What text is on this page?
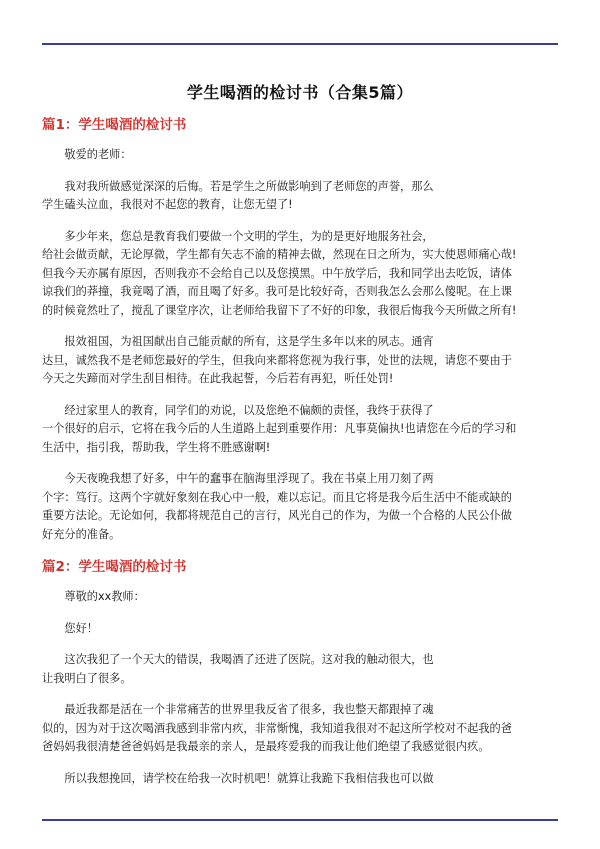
学生喝酒的检讨书（合集5篇）
篇1：学生喝酒的检讨书

敬爱的老师：

我对我所做感觉深深的后悔。若是学生之所做影响到了老师您的声誉，那么
学生磕头泣血，我很对不起您的教育，让您无望了!

多少年来，您总是教育我们要做一个文明的学生，为的是更好地服务社会，
给社会做贡献，无论厚微，学生都有矢志不渝的精神去做，然现在日之所为，实大使恩师痛心哉!
但我今天亦属有原因，否则我亦不会给自己以及您摸黑。中午放学后，我和同学出去吃饭，请体
谅我们的莽撞，我竟喝了酒，而且喝了好多。我可是比较好奇，否则我怎么会那么傻呢。在上课
的时候竟然吐了，搅乱了课堂序次，让老师给我留下了不好的印象，我很后悔我今天所做之所有!

报效祖国，为祖国献出自己能贡献的所有，这是学生多年以来的夙志。通宵
达旦，诚然我不是老师您最好的学生，但我向来都将您视为我行事，处世的法规，请您不要由于
今天之失蹄而对学生刮目相待。在此我起誓，今后若有再犯，听任处罚!

经过家里人的教育，同学们的劝说，以及您绝不偏颇的责怪，我终于获得了
一个很好的启示，它将在我今后的人生道路上起到重要作用：凡事莫偏执!也请您在今后的学习和
生活中，指引我，帮助我，学生将不胜感谢啊!

今天夜晚我想了好多，中午的蠢事在脑海里浮现了。我在书桌上用刀刻了两
个字：笃行。这两个字就好象刻在我心中一般，难以忘记。而且它将是我今后生活中不能或缺的
重要方法论。无论如何，我都将规范自己的言行，风光自己的作为，为做一个合格的人民公仆做
好充分的准备。

篇2：学生喝酒的检讨书

尊敬的xx教师：

您好！

这次我犯了一个天大的错误，我喝酒了还进了医院。这对我的触动很大，也
让我明白了很多。

最近我都是活在一个非常痛苦的世界里我反省了很多，我也整天都跟掉了魂
似的，因为对于这次喝酒我感到非常内疚，非常惭愧，我知道我很对不起这所学校对不起我的爸
爸妈妈我很清楚爸爸妈妈是我最亲的亲人，是最疼爱我的而我让他们绝望了我感觉很内疚。

所以我想挽回，请学校在给我一次时机吧！就算让我跪下我相信我也可以做
